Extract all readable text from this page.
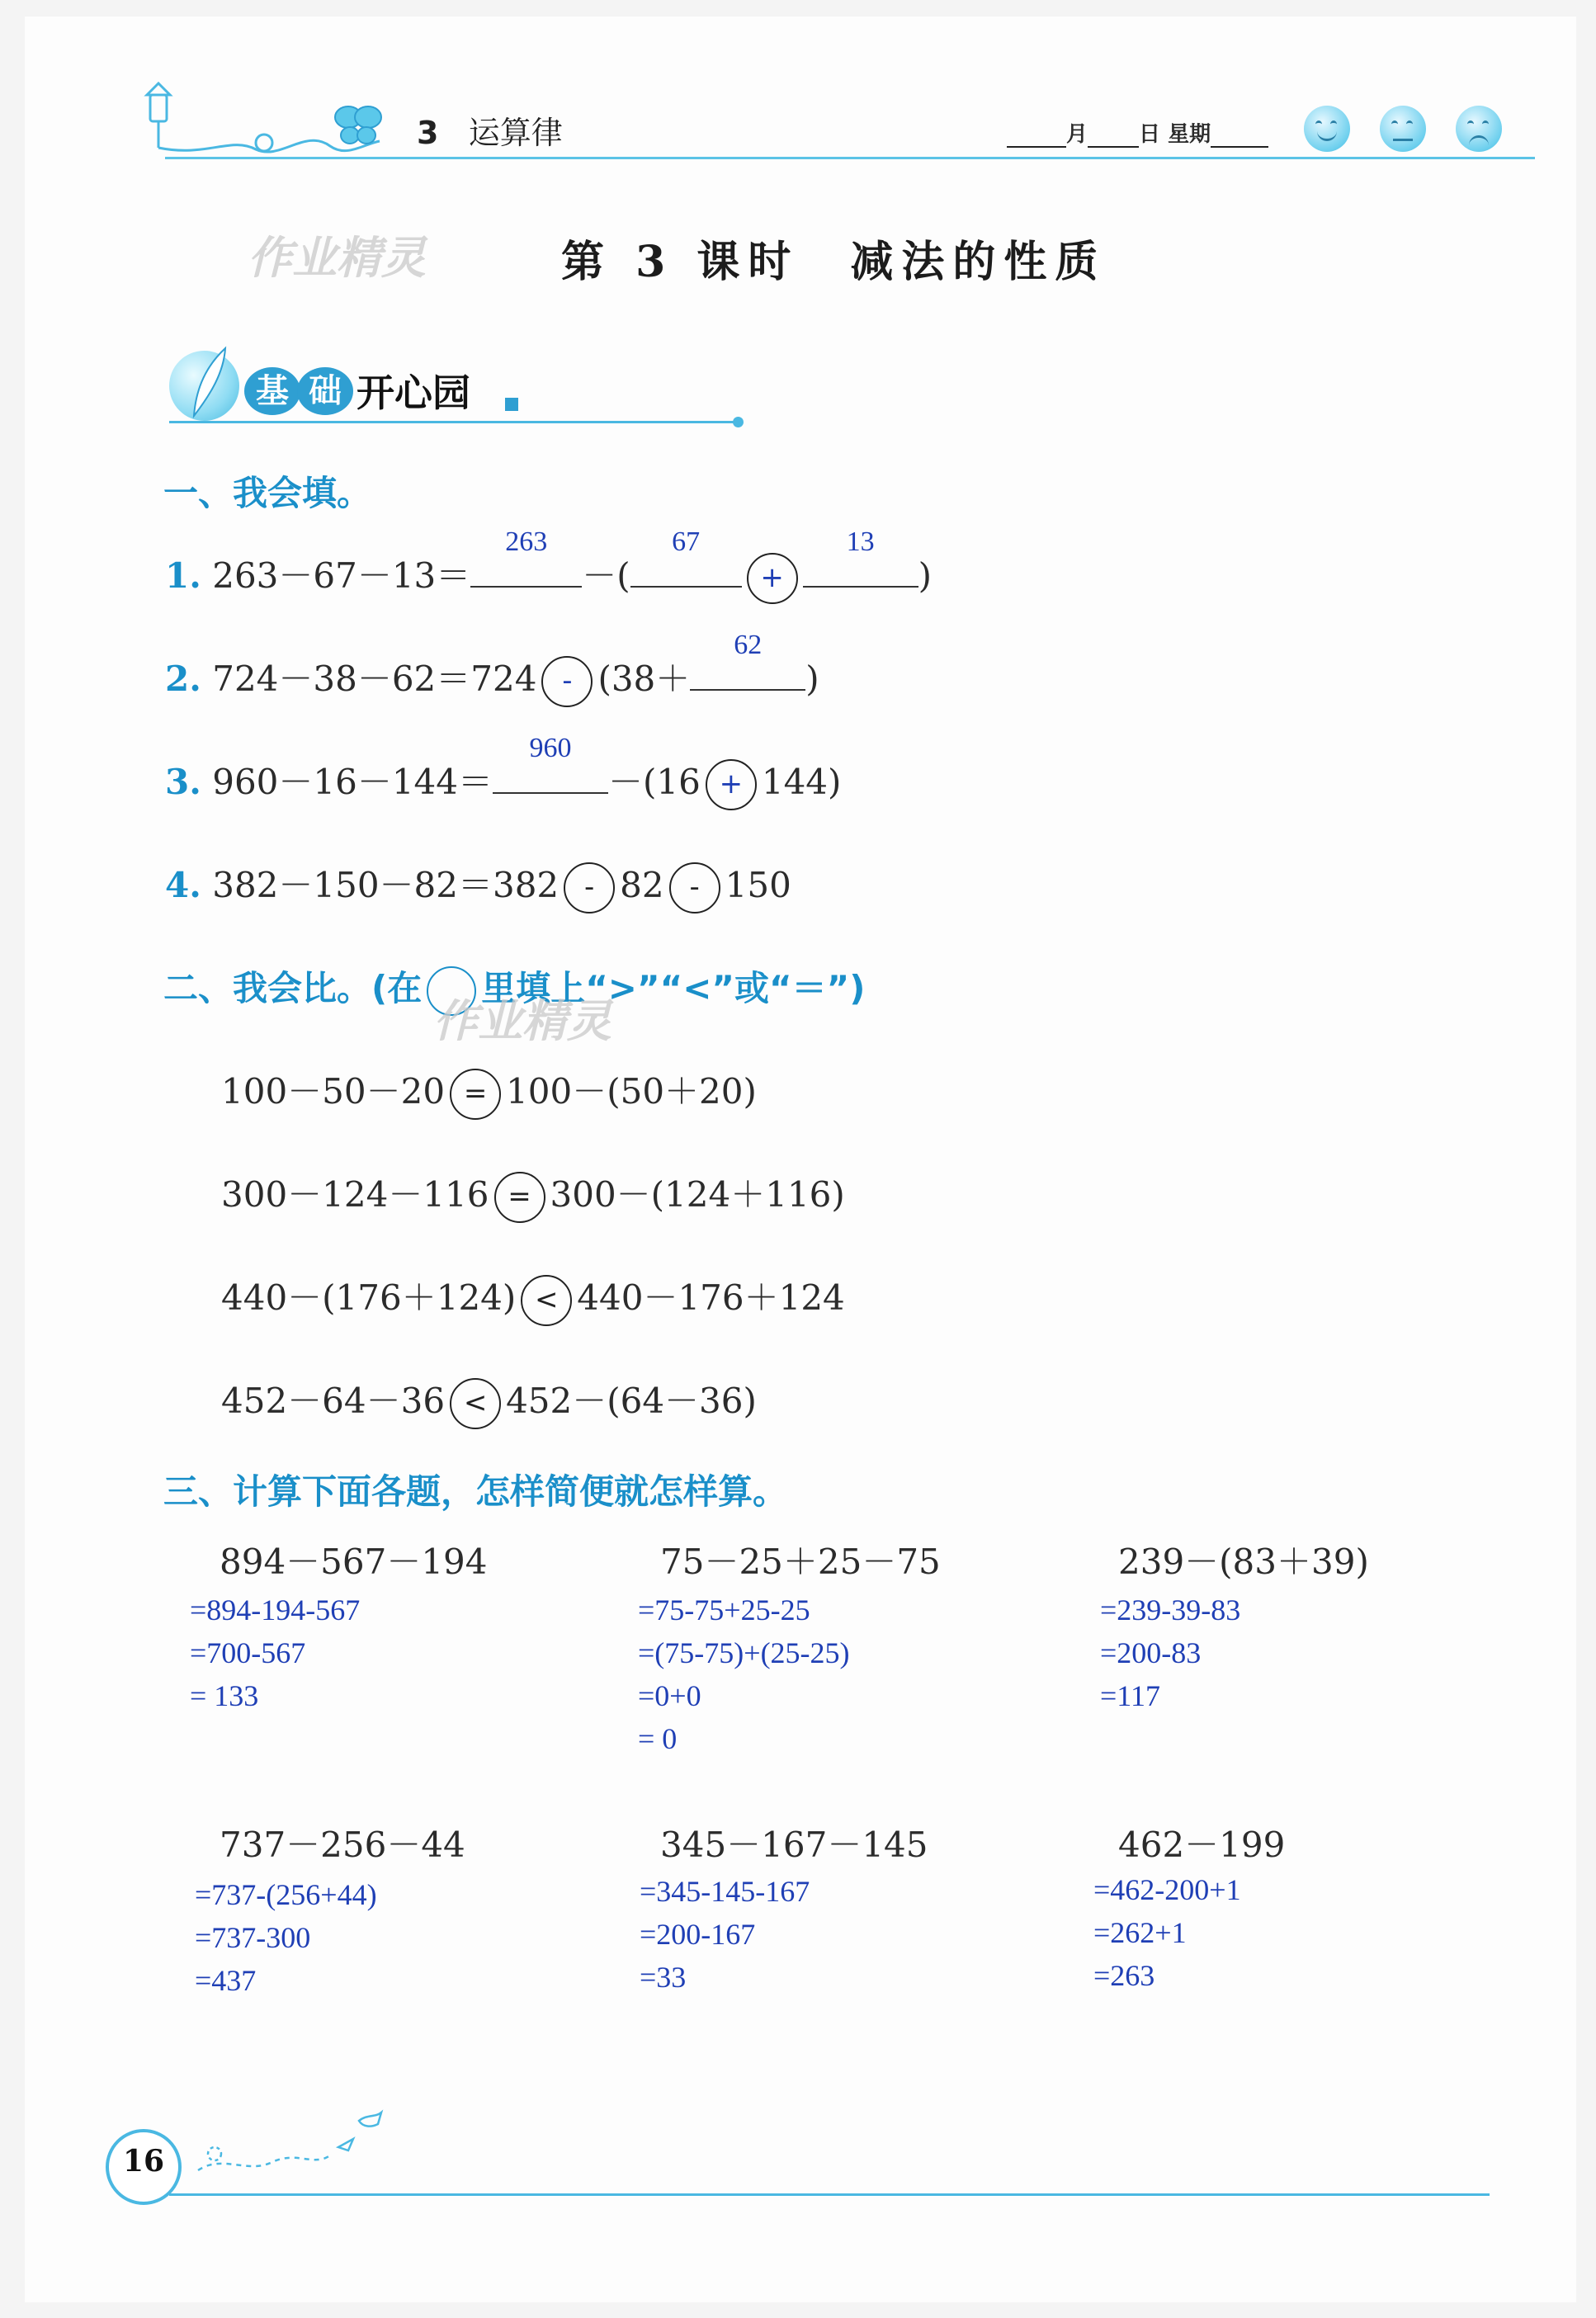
3 运算律	月 日 星期
作业精灵	第 3 课时　减法的性质
基 础 开心园
一、我会填。
1. 263－67－13＝
263
－(
67
+
13
)
2. 724－38－62＝724 - (38＋
62
)
3. 960－16－144＝
960
－(16 + 144)
4. 382－150－82＝382 - 82 - 150
二、我会比。(在 里填上“>”“<”或“＝”)
作业精灵
100－50－20 = 100－(50＋20)
300－124－116 = 300－(124＋116)
440－(176＋124) < 440－176＋124
452－64－36 < 452－(64－36)
三、计算下面各题，怎样简便就怎样算。
894－567－194
=894-194-567
=700-567
= 133
75－25＋25－75
=75-75+25-25
=(75-75)+(25-25)
=0+0
= 0
239－(83＋39)
=239-39-83
=200-83
=117
737－256－44
=737-(256+44)
=737-300
=437
345－167－145
=345-145-167
=200-167
=33
462－199
=462-200+1
=262+1
=263
16
